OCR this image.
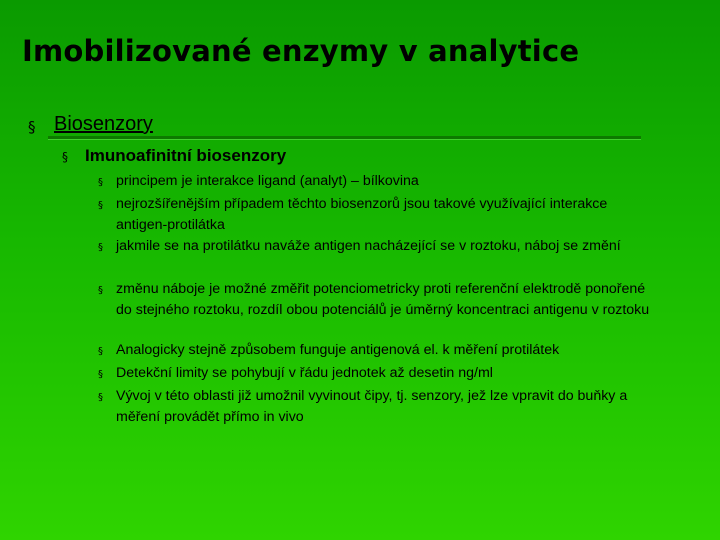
Imobilizované enzymy v analytice
§ Biosenzory
§ Imunoafinitní biosenzory
§ principem je interakce ligand (analyt) – bílkovina
§ nejrozšířenějším případem těchto biosenzorů jsou takové využívající interakce antigen-protilátka
§ jakmile se na protilátku naváže antigen nacházející se v roztoku, náboj se změní
§ změnu náboje je možné změřit potenciometricky proti referenční elektrodě ponořené do stejného roztoku, rozdíl obou potenciálů je úměrný koncentraci antigenu v roztoku
§ Analogicky stejně způsobem funguje antigenová el. k měření protilátek
§ Detekční limity se pohybují v řádu jednotek až desetin ng/ml
§ Vývoj v této oblasti již umožnil vyvinout čipy, tj. senzory, jež lze vpravit do buňky a měření provádět přímo in vivo
